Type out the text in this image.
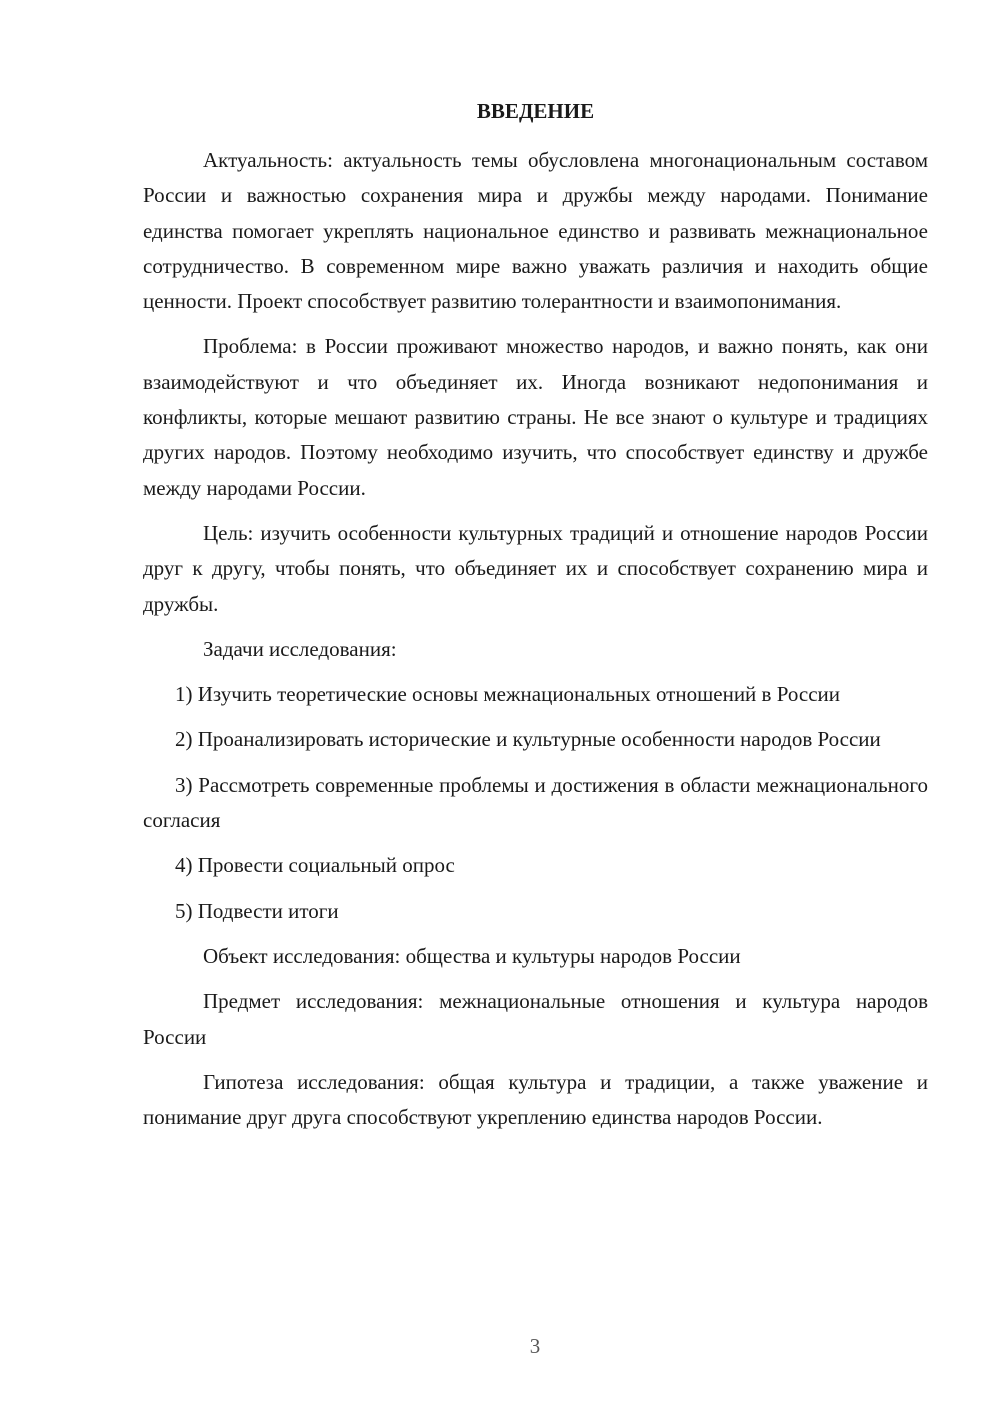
ВВЕДЕНИЕ

Актуальность: актуальность темы обусловлена многонациональным составом России и важностью сохранения мира и дружбы между народами. Понимание единства помогает укреплять национальное единство и развивать межнациональное сотрудничество. В современном мире важно уважать различия и находить общие ценности. Проект способствует развитию толерантности и взаимопонимания.

Проблема: в России проживают множество народов, и важно понять, как они взаимодействуют и что объединяет их. Иногда возникают недопонимания и конфликты, которые мешают развитию страны. Не все знают о культуре и традициях других народов. Поэтому необходимо изучить, что способствует единству и дружбе между народами России.

Цель: изучить особенности культурных традиций и отношение народов России друг к другу, чтобы понять, что объединяет их и способствует сохранению мира и дружбы.

Задачи исследования:

1) Изучить теоретические основы межнациональных отношений в России

2) Проанализировать исторические и культурные особенности народов России

3) Рассмотреть современные проблемы и достижения в области межнационального согласия

4) Провести социальный опрос

5) Подвести итоги

Объект исследования: общества и культуры народов России

Предмет исследования: межнациональные отношения и культура народов России

Гипотеза исследования: общая культура и традиции, а также уважение и понимание друг друга способствуют укреплению единства народов России.

3
